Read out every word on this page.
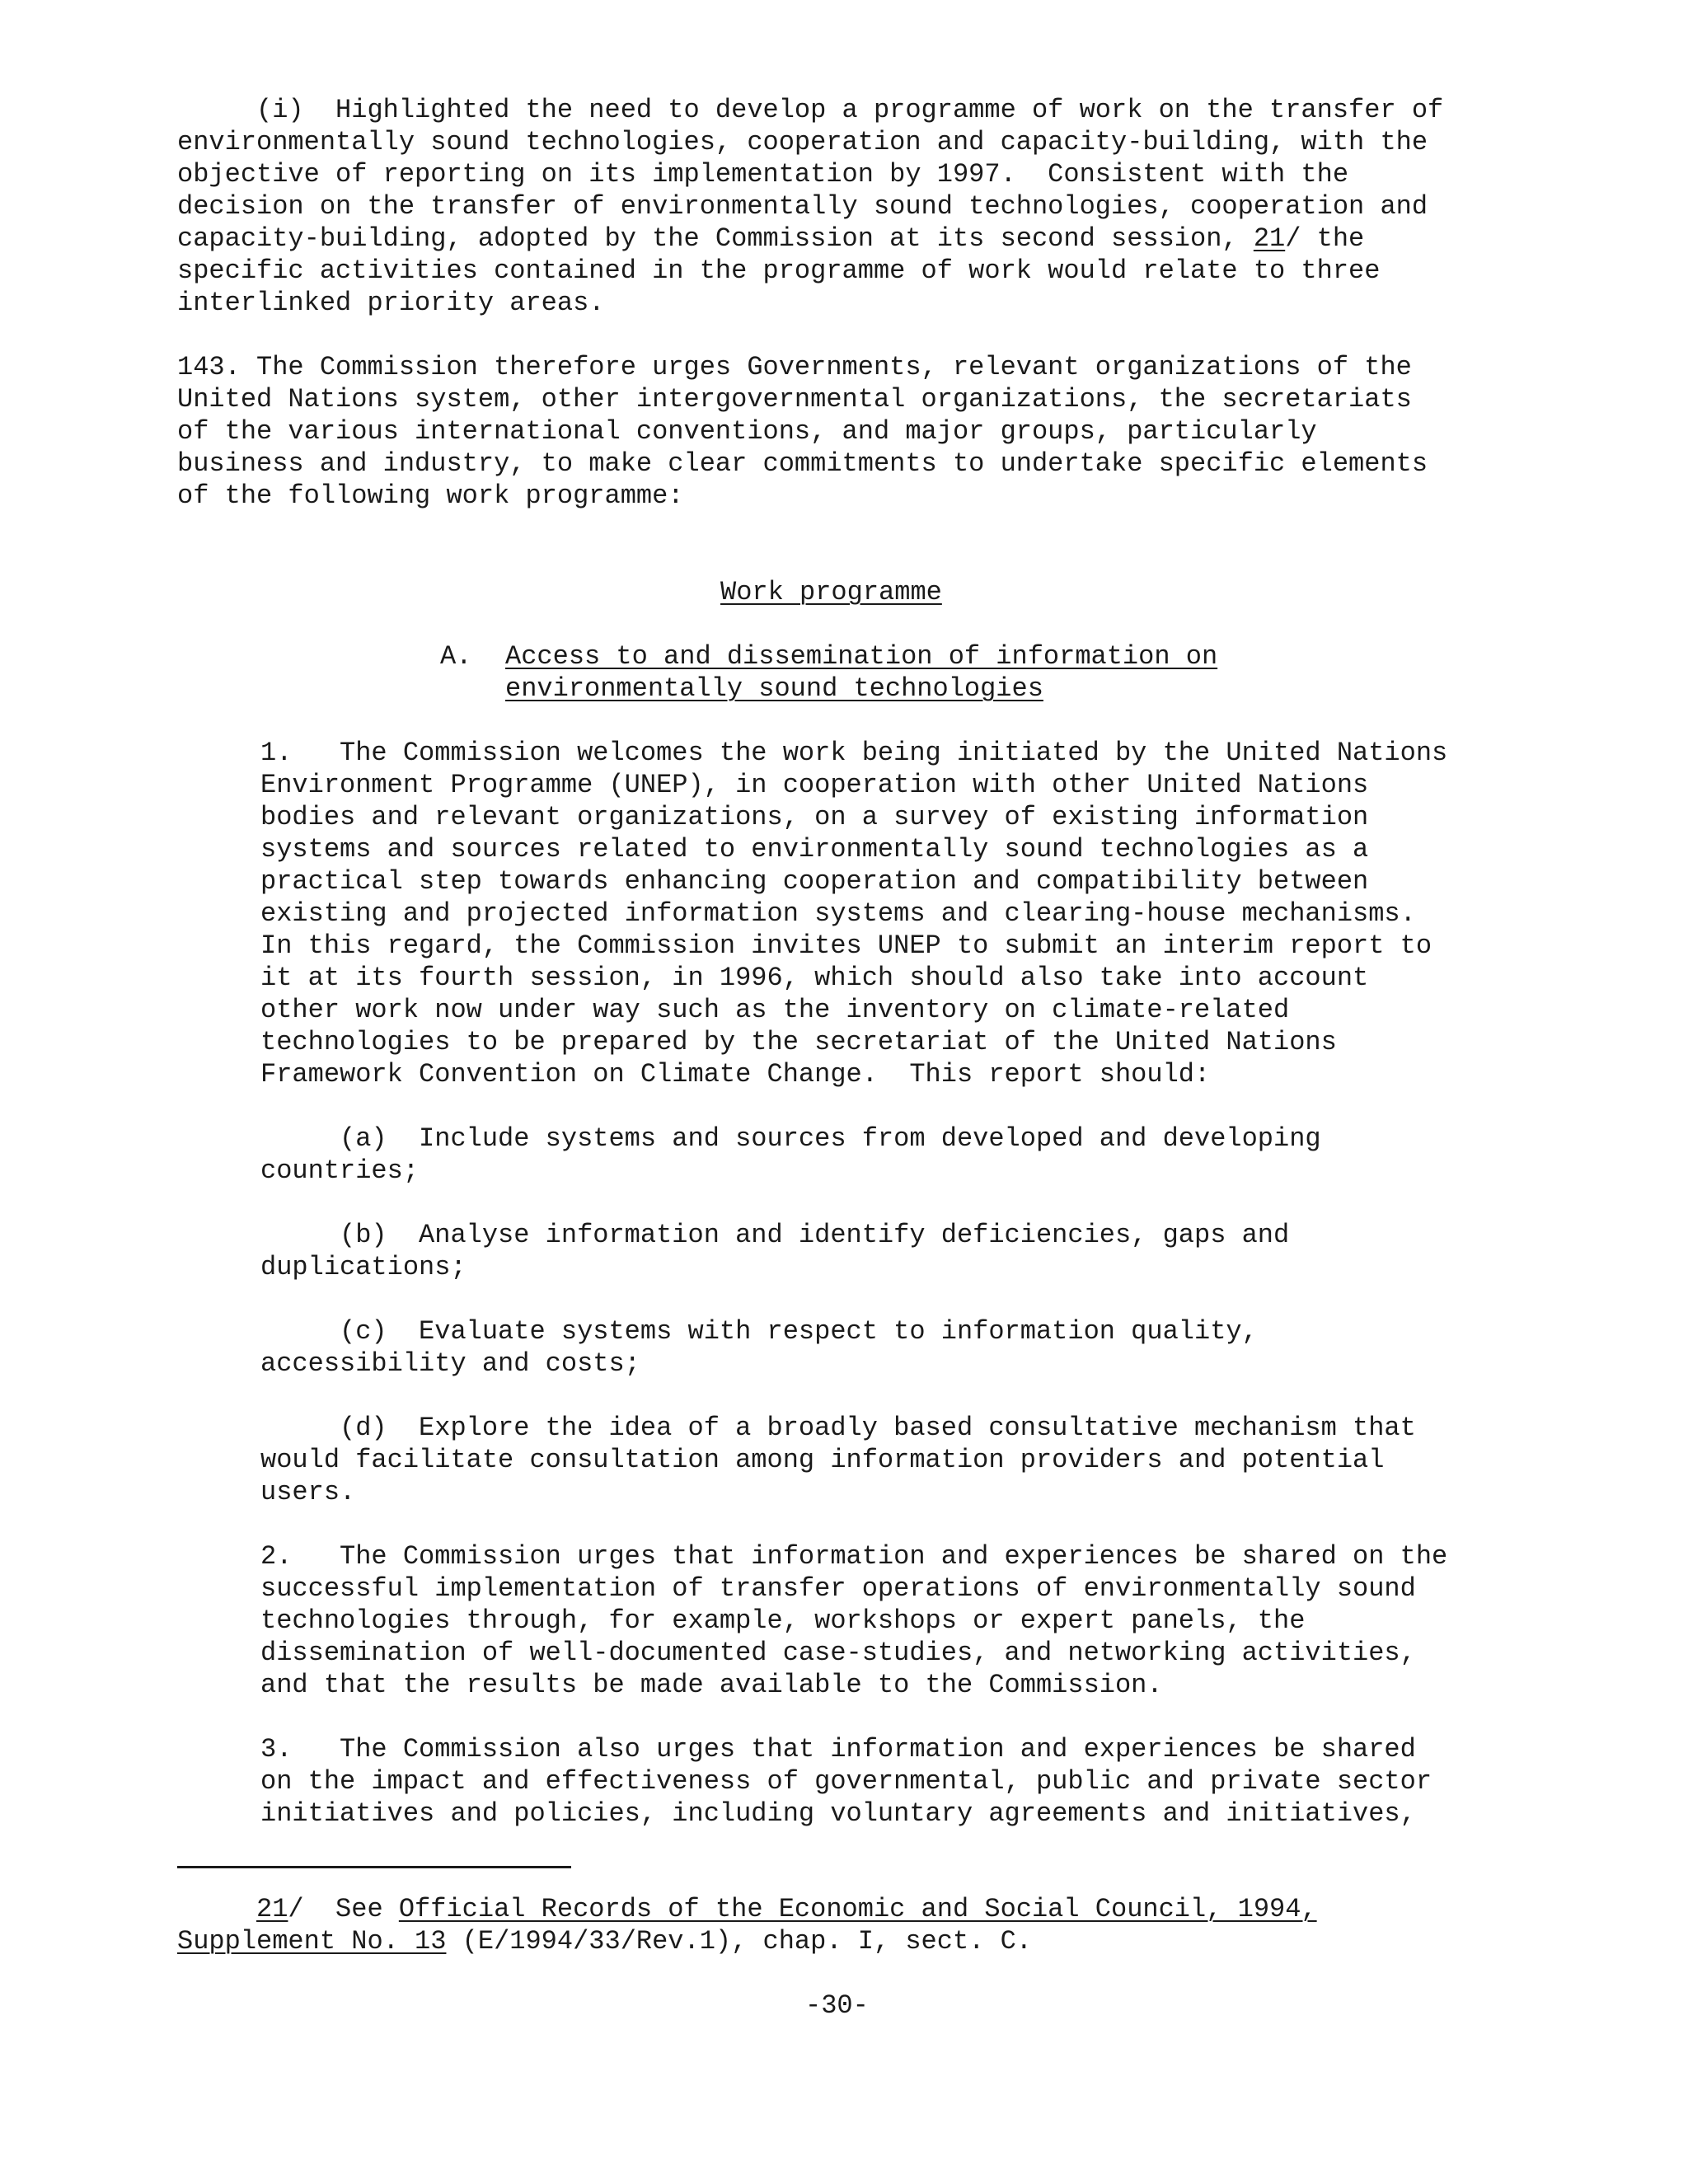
(i)  Highlighted the need to develop a programme of work on the transfer of
environmentally sound technologies, cooperation and capacity-building, with the
objective of reporting on its implementation by 1997.  Consistent with the
decision on the transfer of environmentally sound technologies, cooperation and
capacity-building, adopted by the Commission at its second session, 21/ the
specific activities contained in the programme of work would relate to three
interlinked priority areas.
143. The Commission therefore urges Governments, relevant organizations of the
United Nations system, other intergovernmental organizations, the secretariats
of the various international conventions, and major groups, particularly
business and industry, to make clear commitments to undertake specific elements
of the following work programme:
Work programme
A. Access to and dissemination of information on
environmentally sound technologies
1.   The Commission welcomes the work being initiated by the United Nations
Environment Programme (UNEP), in cooperation with other United Nations
bodies and relevant organizations, on a survey of existing information
systems and sources related to environmentally sound technologies as a
practical step towards enhancing cooperation and compatibility between
existing and projected information systems and clearing-house mechanisms.
In this regard, the Commission invites UNEP to submit an interim report to
it at its fourth session, in 1996, which should also take into account
other work now under way such as the inventory on climate-related
technologies to be prepared by the secretariat of the United Nations
Framework Convention on Climate Change.  This report should:
(a)  Include systems and sources from developed and developing
countries;
(b)  Analyse information and identify deficiencies, gaps and
duplications;
(c)  Evaluate systems with respect to information quality,
accessibility and costs;
(d)  Explore the idea of a broadly based consultative mechanism that
would facilitate consultation among information providers and potential
users.
2.   The Commission urges that information and experiences be shared on the
successful implementation of transfer operations of environmentally sound
technologies through, for example, workshops or expert panels, the
dissemination of well-documented case-studies, and networking activities,
and that the results be made available to the Commission.
3.   The Commission also urges that information and experiences be shared
on the impact and effectiveness of governmental, public and private sector
initiatives and policies, including voluntary agreements and initiatives,
21/  See Official Records of the Economic and Social Council, 1994,
Supplement No. 13 (E/1994/33/Rev.1), chap. I, sect. C.
-30-
